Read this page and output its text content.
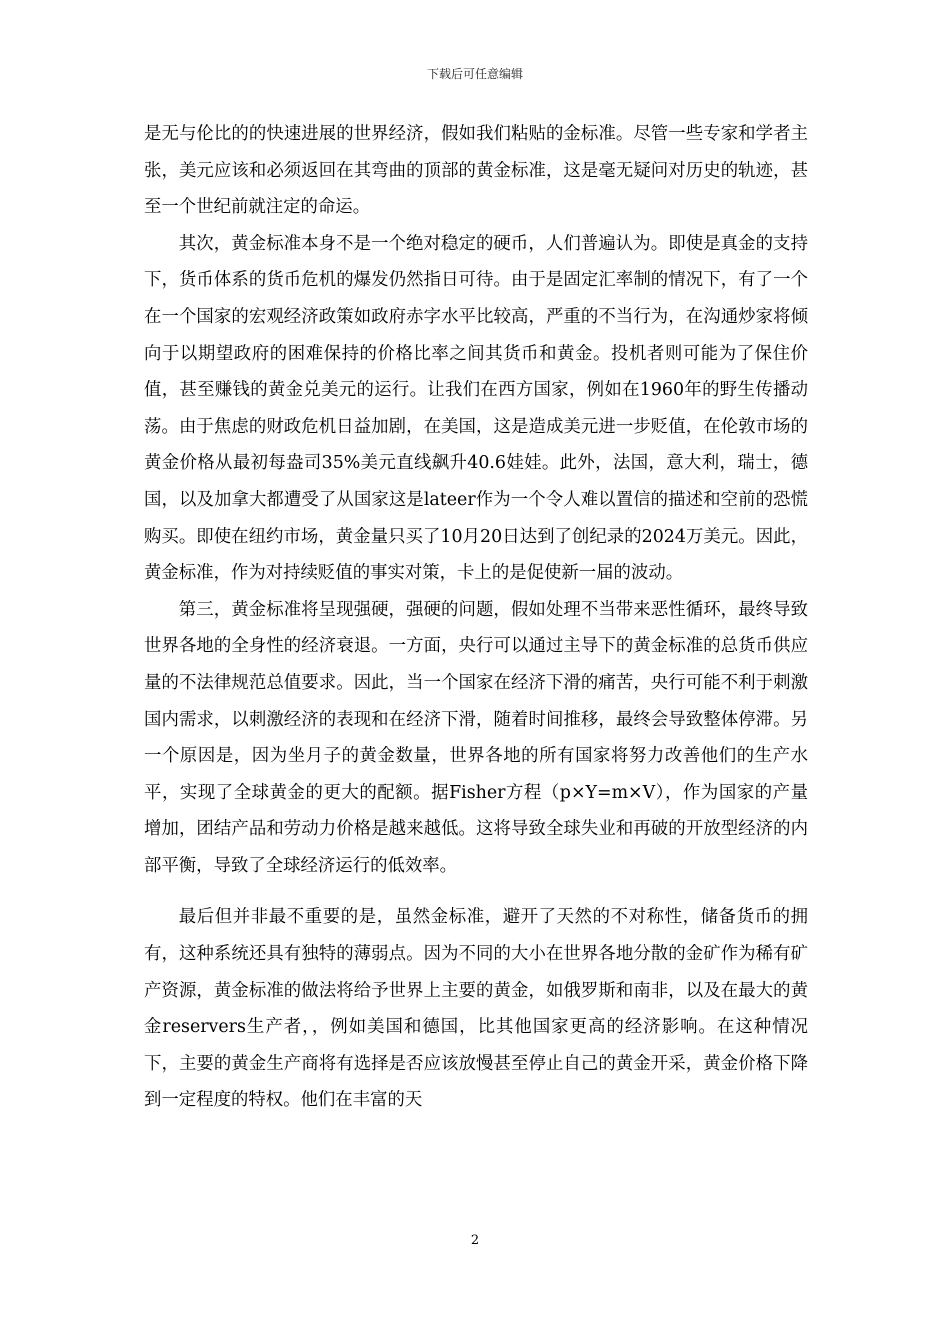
下载后可任意编辑

是无与伦比的的快速进展的世界经济，假如我们粘贴的金标准。尽管一些专家和学者主张，美元应该和必须返回在其弯曲的顶部的黄金标准，这是毫无疑问对历史的轨迹，甚至一个世纪前就注定的命运。

其次，黄金标准本身不是一个绝对稳定的硬币，人们普遍认为。即使是真金的支持下，货币体系的货币危机的爆发仍然指日可待。由于是固定汇率制的情况下，有了一个在一个国家的宏观经济政策如政府赤字水平比较高，严重的不当行为，在沟通炒家将倾向于以期望政府的困难保持的价格比率之间其货币和黄金。投机者则可能为了保住价值，甚至赚钱的黄金兑美元的运行。让我们在西方国家，例如在1960年的野生传播动荡。由于焦虑的财政危机日益加剧，在美国，这是造成美元进一步贬值，在伦敦市场的黄金价格从最初每盎司35%美元直线飙升40.6娃娃。此外，法国，意大利，瑞士，德国，以及加拿大都遭受了从国家这是lateer作为一个令人难以置信的描述和空前的恐慌购买。即使在纽约市场，黄金量只买了10月20日达到了创纪录的2024万美元。因此，黄金标准，作为对持续贬值的事实对策，卡上的是促使新一届的波动。

第三，黄金标准将呈现强硬，强硬的问题，假如处理不当带来恶性循环，最终导致世界各地的全身性的经济衰退。一方面，央行可以通过主导下的黄金标准的总货币供应量的不法律规范总值要求。因此，当一个国家在经济下滑的痛苦，央行可能不利于刺激国内需求，以刺激经济的表现和在经济下滑，随着时间推移，最终会导致整体停滞。另一个原因是，因为坐月子的黄金数量，世界各地的所有国家将努力改善他们的生产水平，实现了全球黄金的更大的配额。据Fisher方程（p×Y=m×V），作为国家的产量增加，团结产品和劳动力价格是越来越低。这将导致全球失业和再破的开放型经济的内部平衡，导致了全球经济运行的低效率。

最后但并非最不重要的是，虽然金标准，避开了天然的不对称性，储备货币的拥有，这种系统还具有独特的薄弱点。因为不同的大小在世界各地分散的金矿作为稀有矿产资源，黄金标准的做法将给予世界上主要的黄金，如俄罗斯和南非，以及在最大的黄金reservers生产者，，例如美国和德国，比其他国家更高的经济影响。在这种情况下，主要的黄金生产商将有选择是否应该放慢甚至停止自己的黄金开采，黄金价格下降到一定程度的特权。他们在丰富的天

2
